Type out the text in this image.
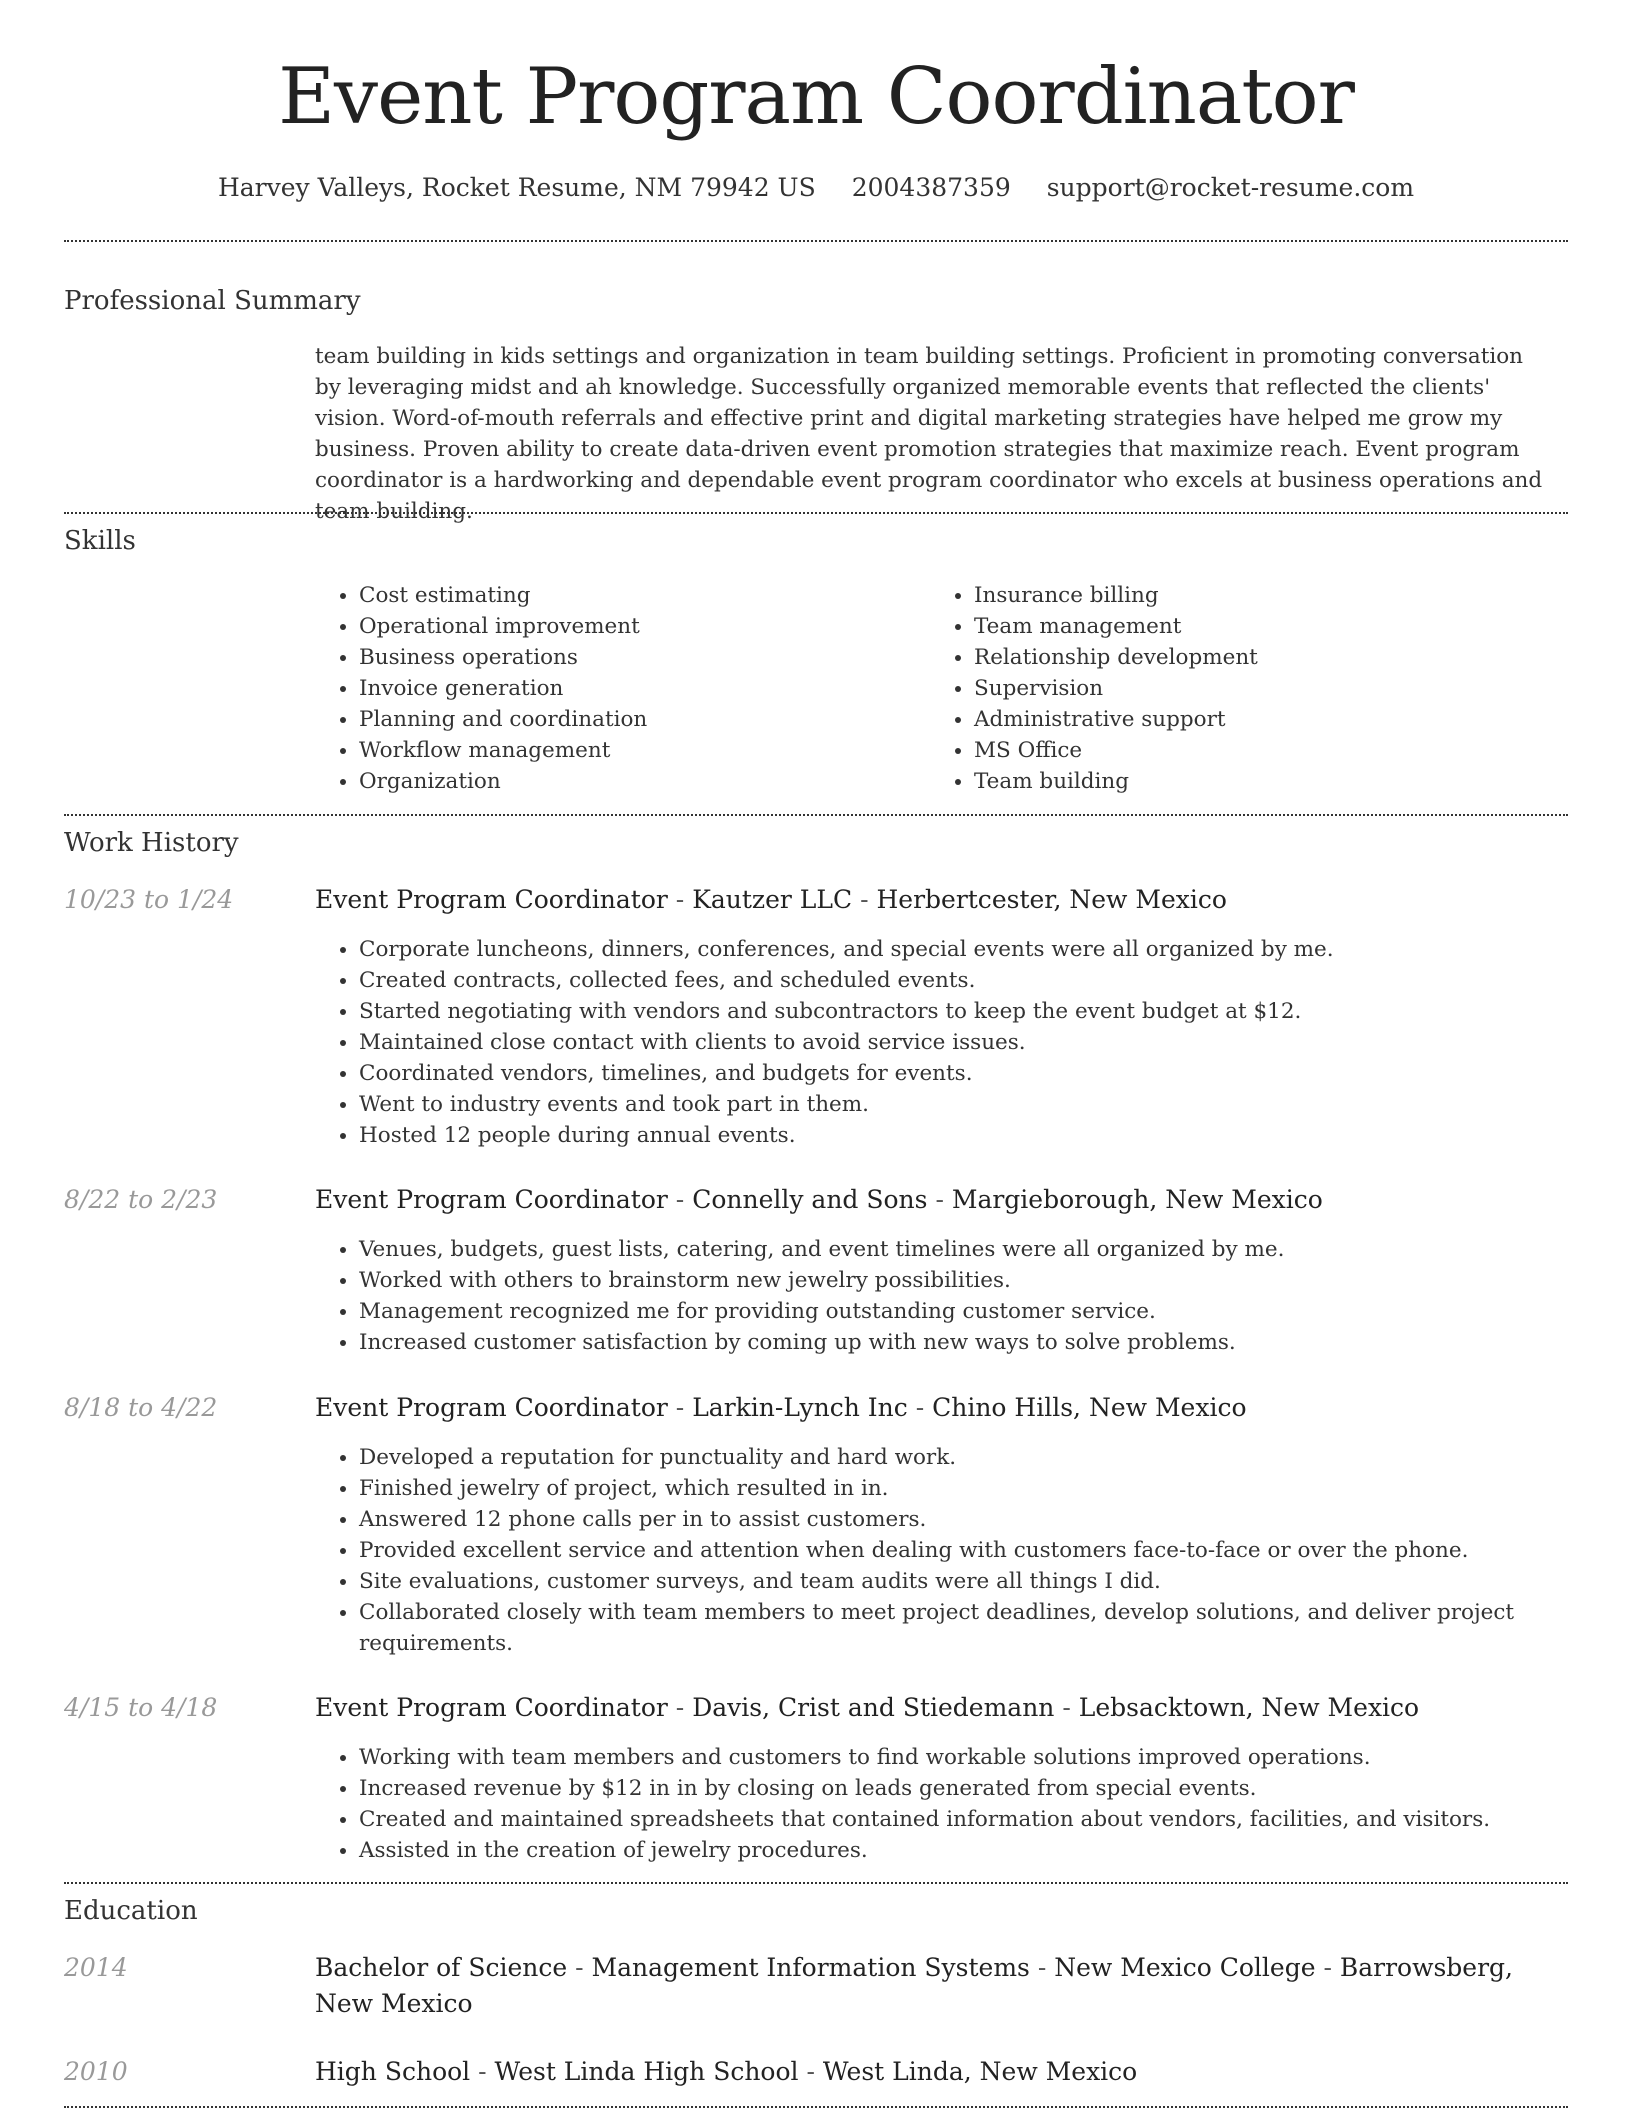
Event Program Coordinator
Harvey Valleys, Rocket Resume, NM 79942 US 2004387359 support@rocket-resume.com
Professional Summary
team building in kids settings and organization in team building settings. Proficient in promoting conversation by leveraging midst and ah knowledge. Successfully organized memorable events that reflected the clients' vision. Word-of-mouth referrals and effective print and digital marketing strategies have helped me grow my business. Proven ability to create data-driven event promotion strategies that maximize reach. Event program coordinator is a hardworking and dependable event program coordinator who excels at business operations and team building.
Skills
• Cost estimating
• Operational improvement
• Business operations
• Invoice generation
• Planning and coordination
• Workflow management
• Organization
• Insurance billing
• Team management
• Relationship development
• Supervision
• Administrative support
• MS Office
• Team building
Work History
10/23 to 1/24	Event Program Coordinator - Kautzer LLC - Herbertcester, New Mexico
• Corporate luncheons, dinners, conferences, and special events were all organized by me.
• Created contracts, collected fees, and scheduled events.
• Started negotiating with vendors and subcontractors to keep the event budget at $12.
• Maintained close contact with clients to avoid service issues.
• Coordinated vendors, timelines, and budgets for events.
• Went to industry events and took part in them.
• Hosted 12 people during annual events.
8/22 to 2/23	Event Program Coordinator - Connelly and Sons - Margieborough, New Mexico
• Venues, budgets, guest lists, catering, and event timelines were all organized by me.
• Worked with others to brainstorm new jewelry possibilities.
• Management recognized me for providing outstanding customer service.
• Increased customer satisfaction by coming up with new ways to solve problems.
8/18 to 4/22	Event Program Coordinator - Larkin-Lynch Inc - Chino Hills, New Mexico
• Developed a reputation for punctuality and hard work.
• Finished jewelry of project, which resulted in in.
• Answered 12 phone calls per in to assist customers.
• Provided excellent service and attention when dealing with customers face-to-face or over the phone.
• Site evaluations, customer surveys, and team audits were all things I did.
• Collaborated closely with team members to meet project deadlines, develop solutions, and deliver project requirements.
4/15 to 4/18	Event Program Coordinator - Davis, Crist and Stiedemann - Lebsacktown, New Mexico
• Working with team members and customers to find workable solutions improved operations.
• Increased revenue by $12 in in by closing on leads generated from special events.
• Created and maintained spreadsheets that contained information about vendors, facilities, and visitors.
• Assisted in the creation of jewelry procedures.
Education
2014	Bachelor of Science - Management Information Systems - New Mexico College - Barrowsberg, New Mexico
2010	High School - West Linda High School - West Linda, New Mexico
